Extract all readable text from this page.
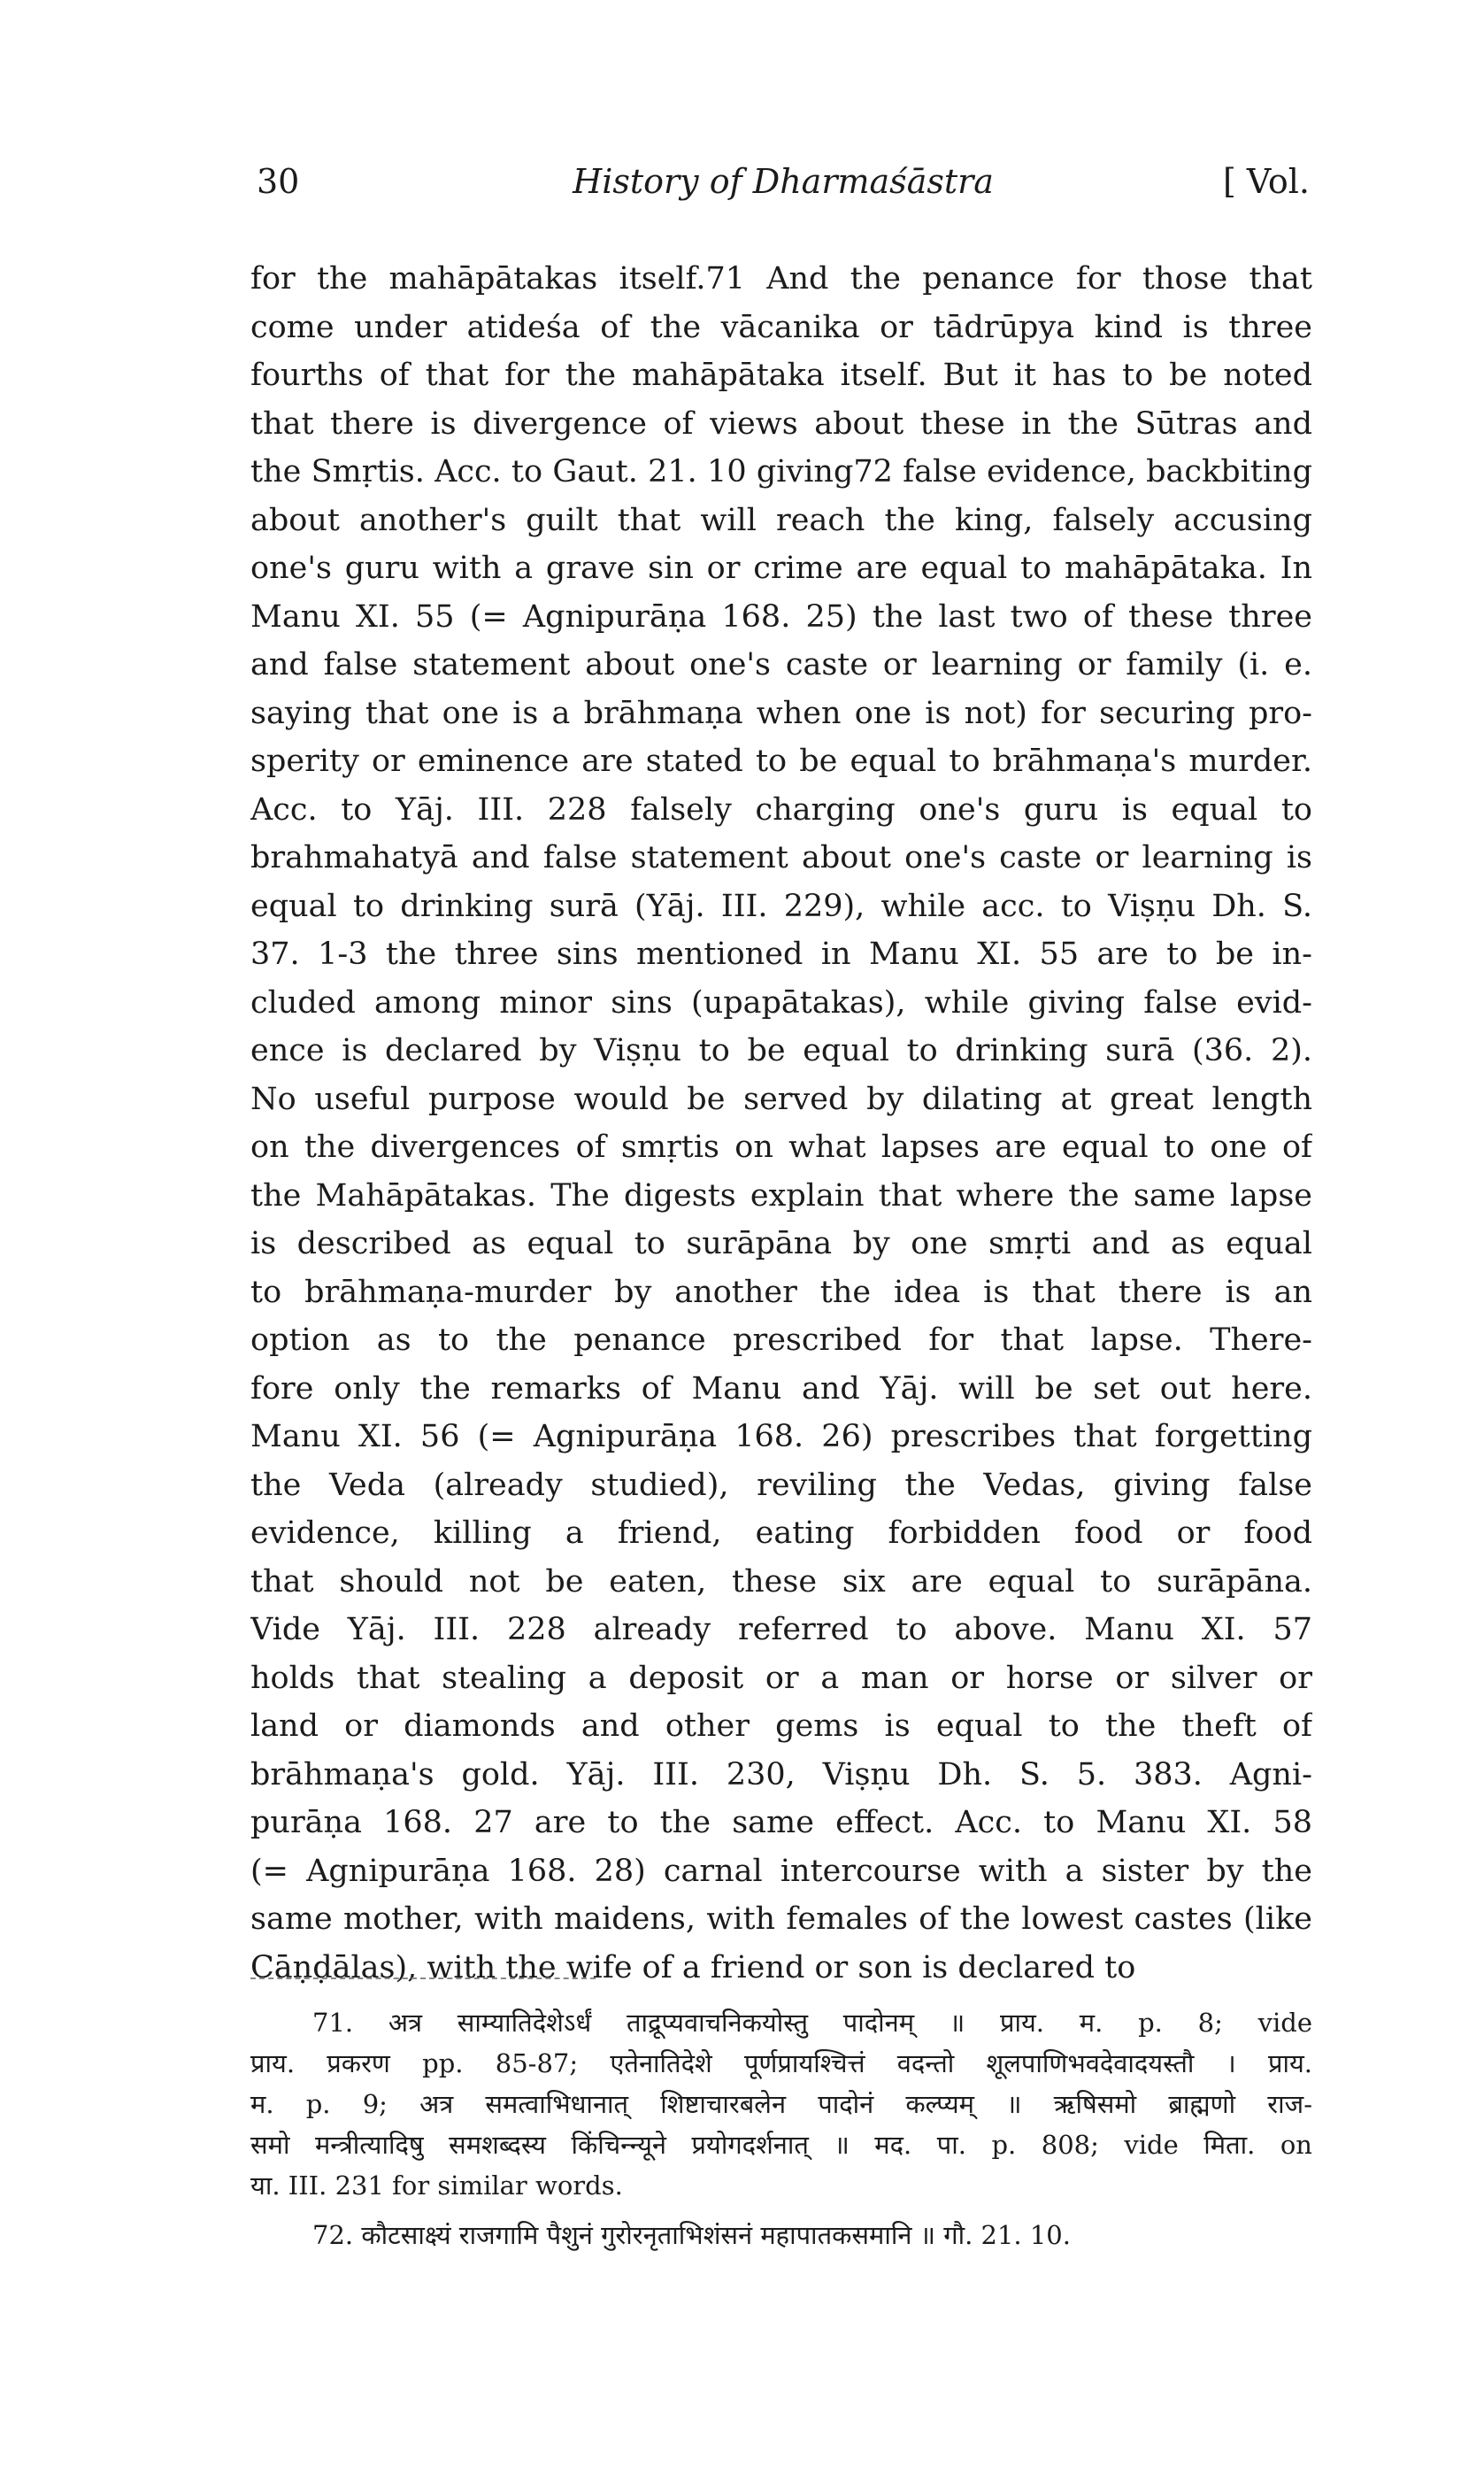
30	History of Dharmaśāstra	[ Vol.
for the mahāpātakas itself.71 And the penance for those that
come under atideśa of the vācanika or tādrūpya kind is three
fourths of that for the mahāpātaka itself. But it has to be noted
that there is divergence of views about these in the Sūtras and
the Smṛtis. Acc. to Gaut. 21. 10 giving72 false evidence, backbiting
about another's guilt that will reach the king, falsely accusing
one's guru with a grave sin or crime are equal to mahāpātaka. In
Manu XI. 55 (= Agnipurāṇa 168. 25) the last two of these three
and false statement about one's caste or learning or family (i. e.
saying that one is a brāhmaṇa when one is not) for securing pro-
sperity or eminence are stated to be equal to brāhmaṇa's murder.
Acc. to Yāj. III. 228 falsely charging one's guru is equal to
brahmahatyā and false statement about one's caste or learning is
equal to drinking surā (Yāj. III. 229), while acc. to Viṣṇu Dh. S.
37. 1-3 the three sins mentioned in Manu XI. 55 are to be in-
cluded among minor sins (upapātakas), while giving false evid-
ence is declared by Viṣṇu to be equal to drinking surā (36. 2).
No useful purpose would be served by dilating at great length
on the divergences of smṛtis on what lapses are equal to one of
the Mahāpātakas. The digests explain that where the same lapse
is described as equal to surāpāna by one smṛti and as equal
to brāhmaṇa-murder by another the idea is that there is an
option as to the penance prescribed for that lapse. There-
fore only the remarks of Manu and Yāj. will be set out here.
Manu XI. 56 (= Agnipurāṇa 168. 26) prescribes that forgetting
the Veda (already studied), reviling the Vedas, giving false
evidence, killing a friend, eating forbidden food or food
that should not be eaten, these six are equal to surāpāna.
Vide Yāj. III. 228 already referred to above. Manu XI. 57
holds that stealing a deposit or a man or horse or silver or
land or diamonds and other gems is equal to the theft of
brāhmaṇa's gold. Yāj. III. 230, Viṣṇu Dh. S. 5. 383. Agni-
purāṇa 168. 27 are to the same effect. Acc. to Manu XI. 58
(= Agnipurāṇa 168. 28) carnal intercourse with a sister by the
same mother, with maidens, with females of the lowest castes (like
Cāṇḍālas), with the wife of a friend or son is declared to
71. अत्र साम्यातिदेशेऽर्धं ताद्रूप्यवाचनिकयोस्तु पादोनम् ॥ प्राय. म. p. 8; vide
प्राय. प्रकरण pp. 85-87; एतेनातिदेशे पूर्णप्रायश्चित्तं वदन्तो शूलपाणिभवदेवादयस्तौ । प्राय.
म. p. 9; अत्र समत्वाभिधानात् शिष्टाचारबलेन पादोनं कल्प्यम् ॥ ऋषिसमो ब्राह्मणो राज-
समो मन्त्रीत्यादिषु समशब्दस्य किंचिन्न्यूने प्रयोगदर्शनात् ॥ मद. पा. p. 808; vide मिता. on
या. III. 231 for similar words.
72. कौटसाक्ष्यं राजगामि पैशुनं गुरोरनृताभिशंसनं महापातकसमानि ॥ गौ. 21. 10.
